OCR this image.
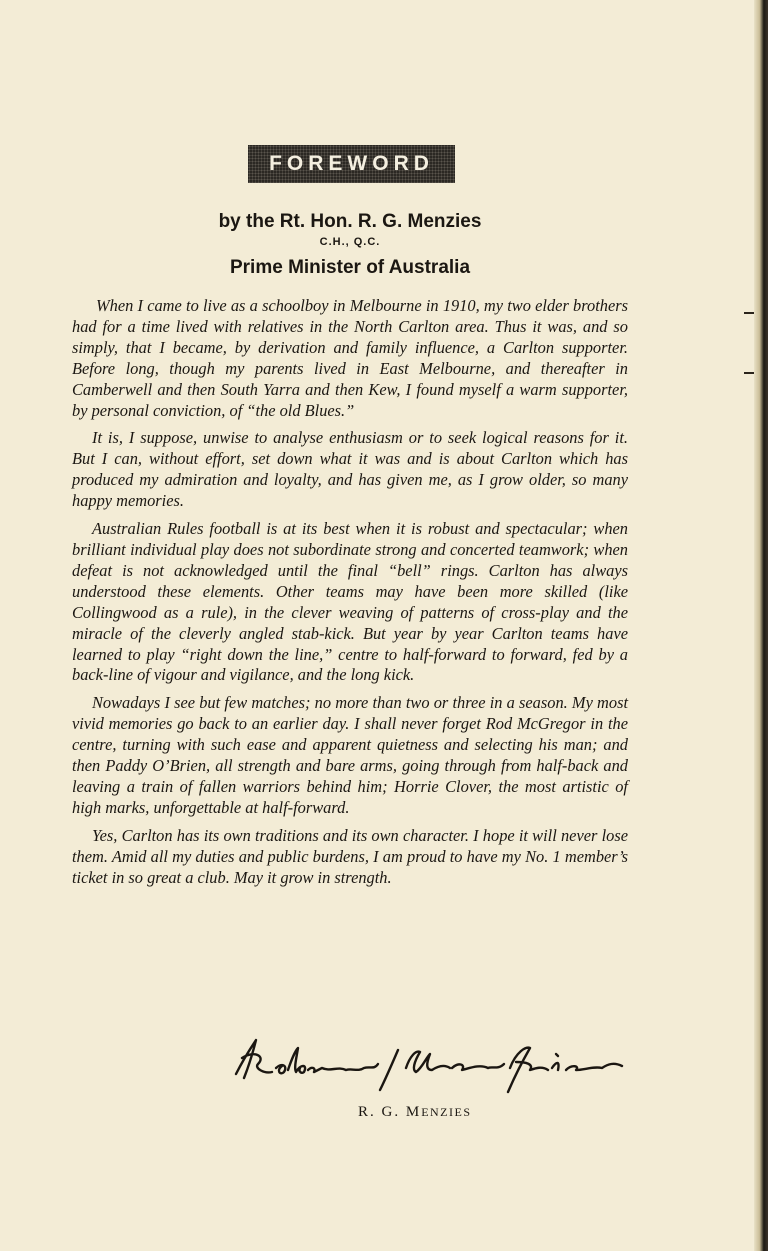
FOREWORD
by the Rt. Hon. R. G. Menzies
C.H., Q.C.
Prime Minister of Australia

When I came to live as a schoolboy in Melbourne in 1910, my two elder brothers had for a time lived with relatives in the North Carlton area. Thus it was, and so simply, that I became, by derivation and family influence, a Carlton supporter. Before long, though my parents lived in East Melbourne, and thereafter in Camberwell and then South Yarra and then Kew, I found myself a warm supporter, by personal conviction, of “the old Blues.”

It is, I suppose, unwise to analyse enthusiasm or to seek logical reasons for it. But I can, without effort, set down what it was and is about Carlton which has produced my admiration and loyalty, and has given me, as I grow older, so many happy memories.

Australian Rules football is at its best when it is robust and spectacular; when brilliant individual play does not subordinate strong and concerted teamwork; when defeat is not acknowledged until the final “bell” rings. Carlton has always understood these elements. Other teams may have been more skilled (like Collingwood as a rule), in the clever weaving of patterns of cross-play and the miracle of the cleverly angled stab-kick. But year by year Carlton teams have learned to play “right down the line,” centre to half-forward to forward, fed by a back-line of vigour and vigilance, and the long kick.

Nowadays I see but few matches; no more than two or three in a season. My most vivid memories go back to an earlier day. I shall never forget Rod McGregor in the centre, turning with such ease and apparent quietness and selecting his man; and then Paddy O’Brien, all strength and bare arms, going through from half-back and leaving a train of fallen warriors behind him; Horrie Clover, the most artistic of high marks, unforgettable at half-forward.

Yes, Carlton has its own traditions and its own character. I hope it will never lose them. Amid all my duties and public burdens, I am proud to have my No. 1 member’s ticket in so great a club. May it grow in strength.

R. G. MENZIES
